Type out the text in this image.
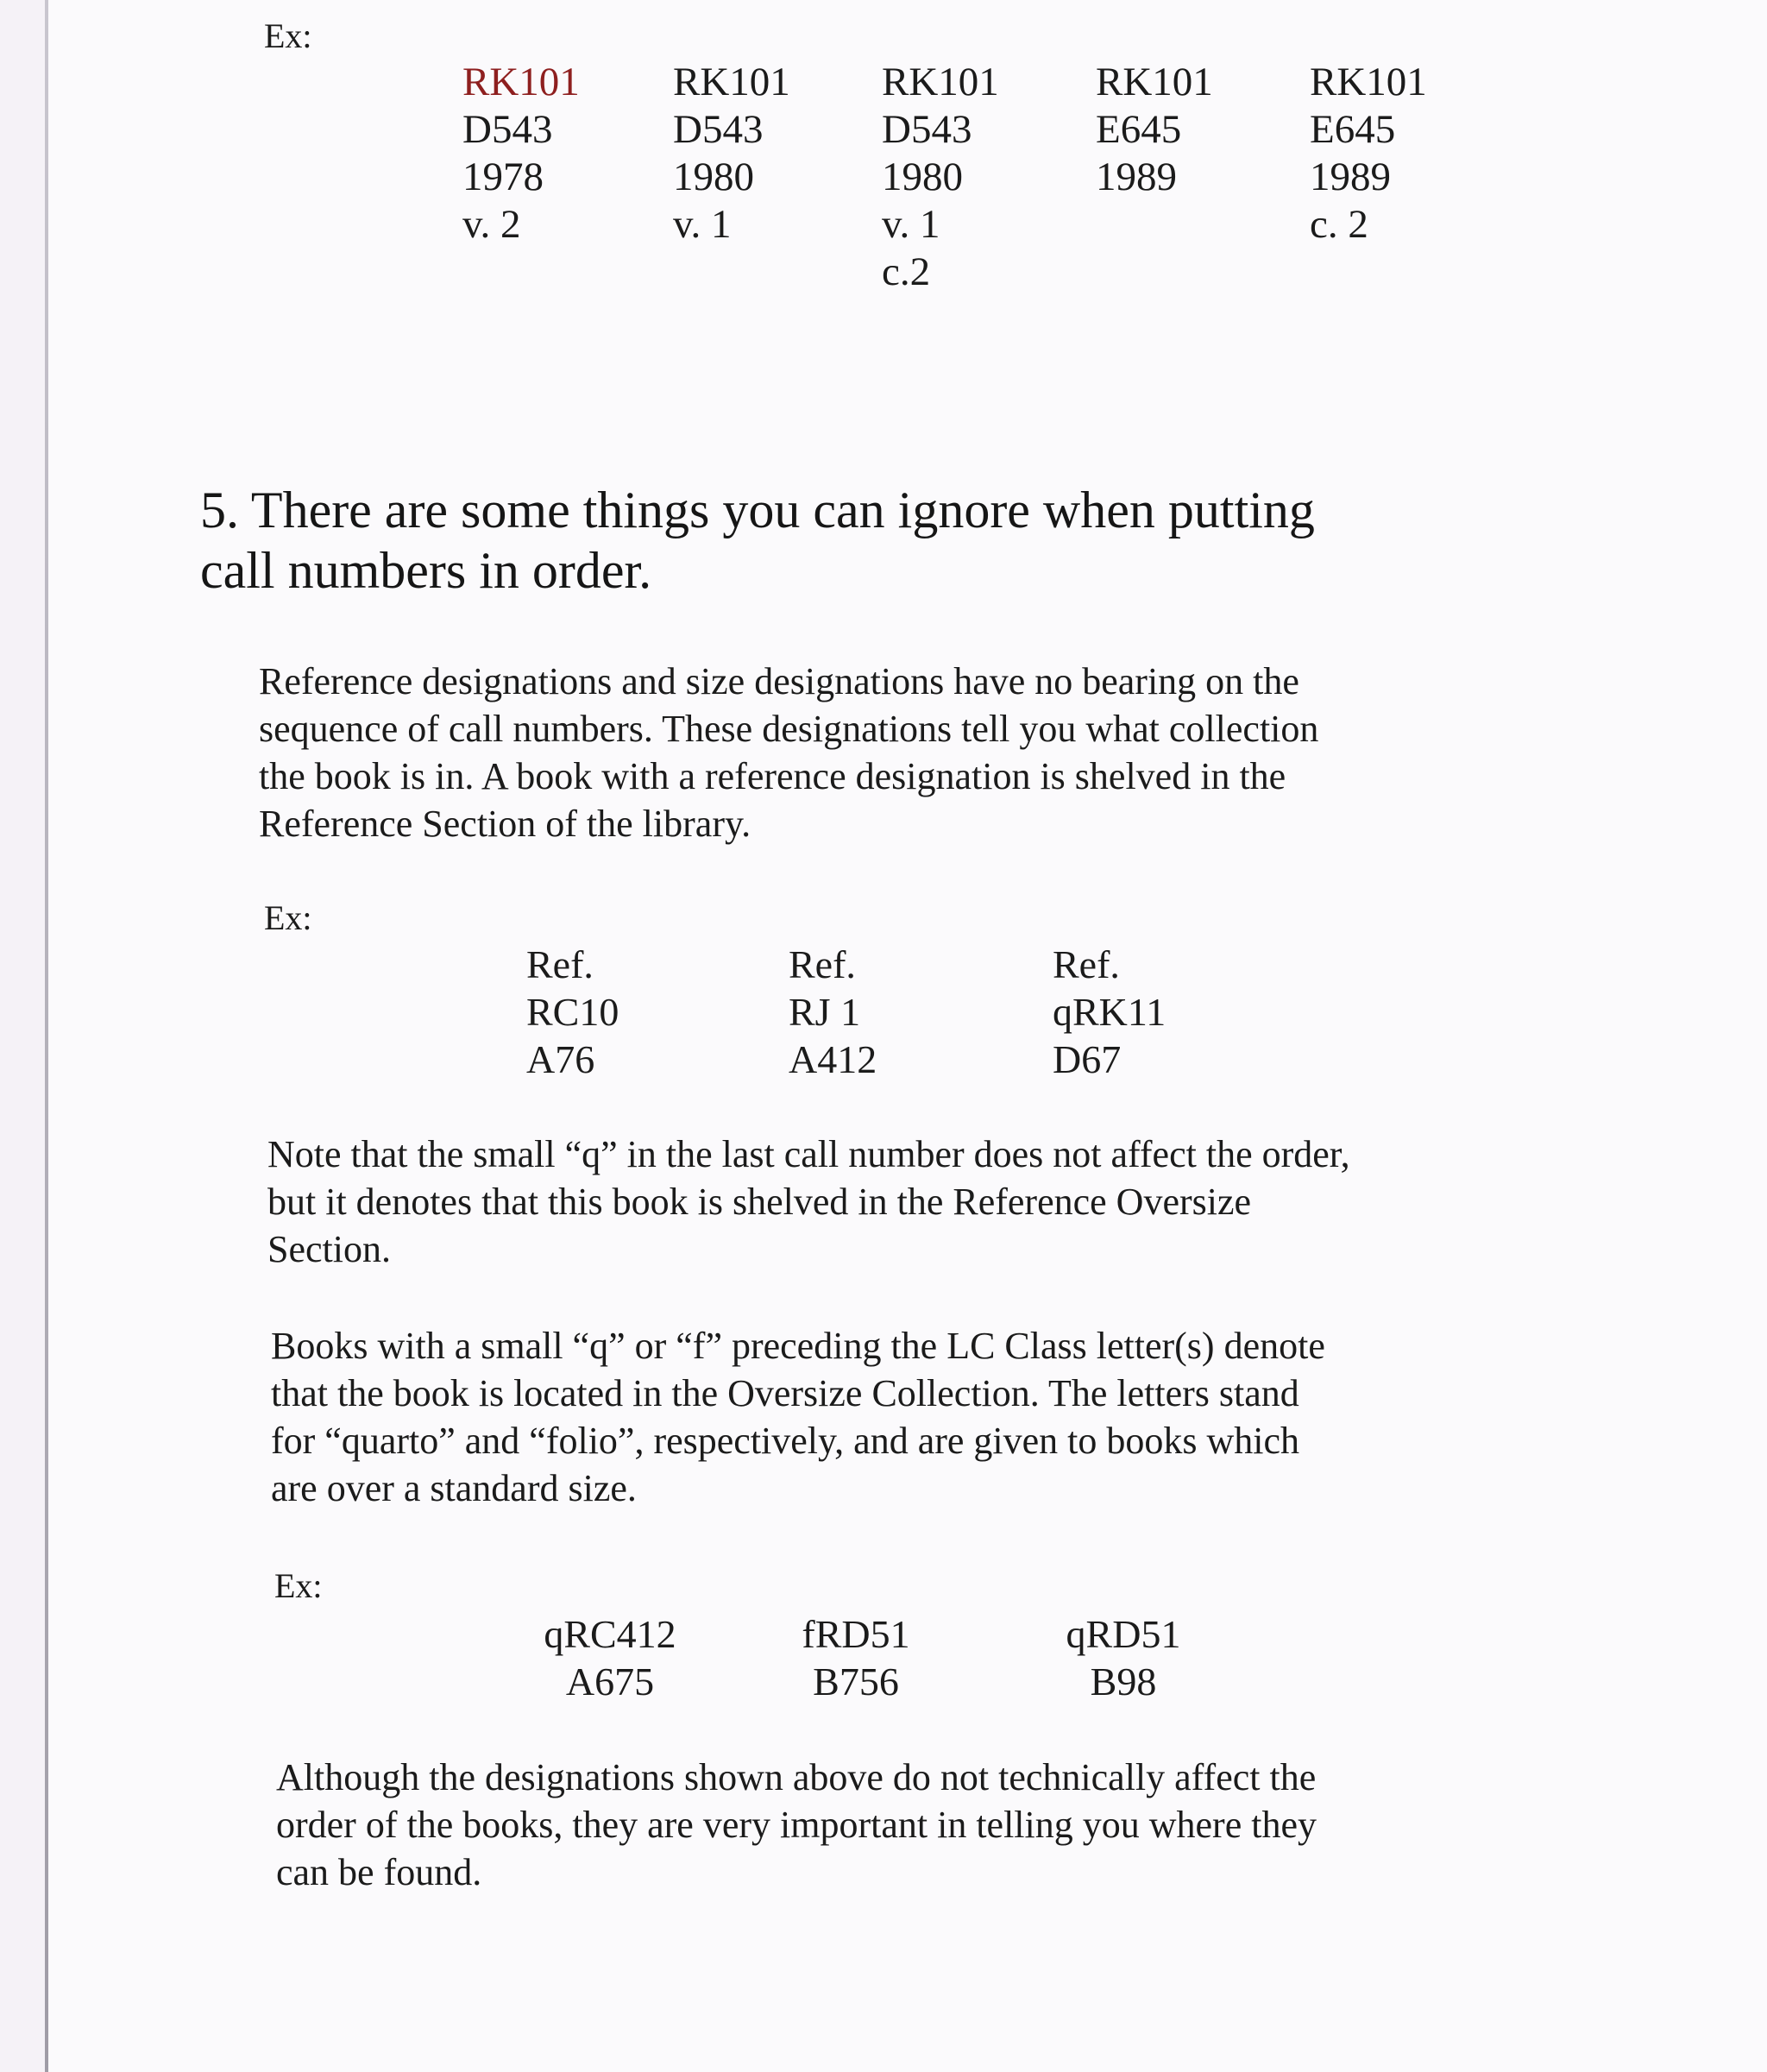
Ex:
RK101
D543
1978
v. 2
RK101
D543
1980
v. 1
RK101
D543
1980
v. 1
c.2
RK101
E645
1989
RK101
E645
1989
c. 2
5. There are some things you can ignore when putting
call numbers in order.
Reference designations and size designations have no bearing on the
sequence of call numbers. These designations tell you what collection
the book is in. A book with a reference designation is shelved in the
Reference Section of the library.
Ex:
Ref.
RC10
A76
Ref.
RJ 1
A412
Ref.
qRK11
D67
Note that the small “q” in the last call number does not affect the order,
but it denotes that this book is shelved in the Reference Oversize
Section.
Books with a small “q” or “f” preceding the LC Class letter(s) denote
that the book is located in the Oversize Collection. The letters stand
for “quarto” and “folio”, respectively, and are given to books which
are over a standard size.
Ex:
qRC412
A675
fRD51
B756
qRD51
B98
Although the designations shown above do not technically affect the
order of the books, they are very important in telling you where they
can be found.
